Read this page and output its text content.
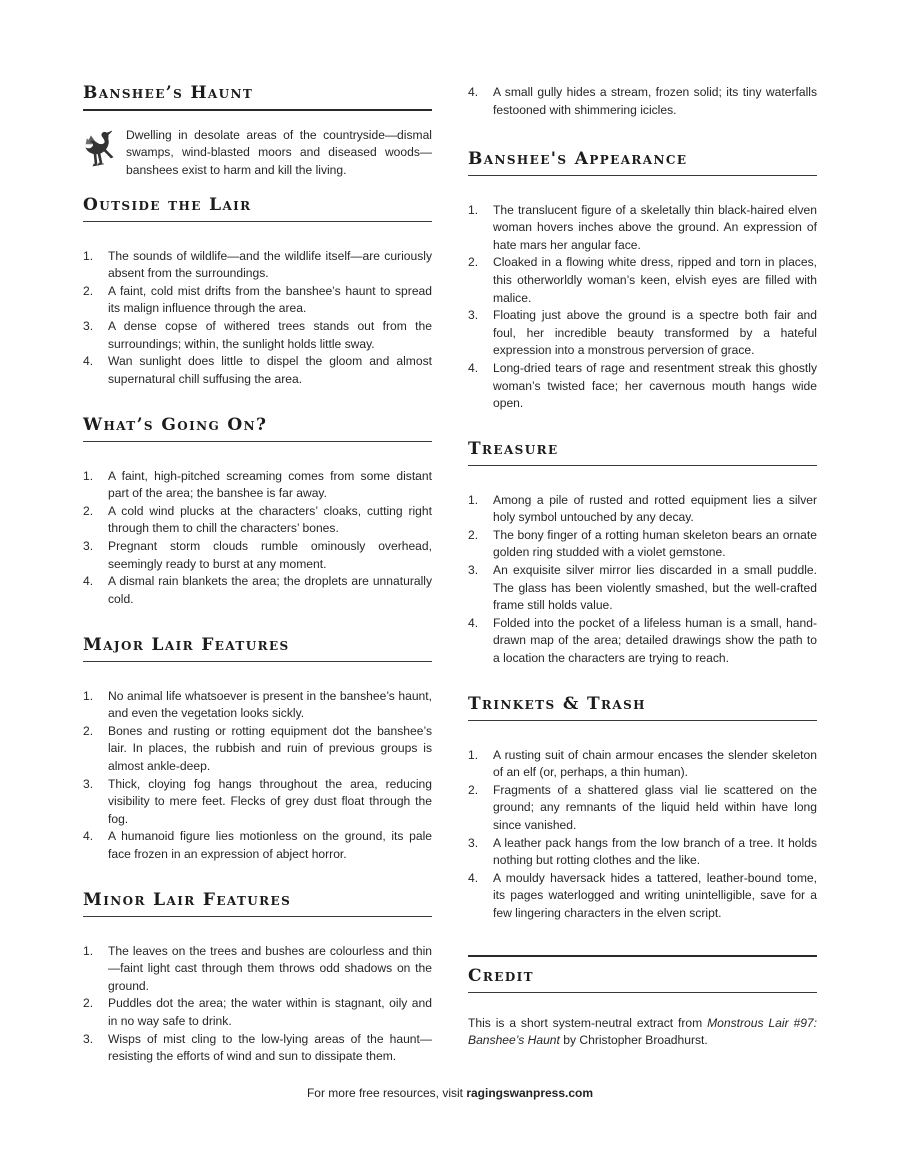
Banshee’s Haunt

Dwelling in desolate areas of the countryside—dismal swamps, wind-blasted moors and diseased woods—banshees exist to harm and kill the living.

Outside the Lair
1. The sounds of wildlife—and the wildlife itself—are curiously absent from the surroundings.
2. A faint, cold mist drifts from the banshee’s haunt to spread its malign influence through the area.
3. A dense copse of withered trees stands out from the surroundings; within, the sunlight holds little sway.
4. Wan sunlight does little to dispel the gloom and almost supernatural chill suffusing the area.
What’s Going On?
1. A faint, high-pitched screaming comes from some distant part of the area; the banshee is far away.
2. A cold wind plucks at the characters’ cloaks, cutting right through them to chill the characters’ bones.
3. Pregnant storm clouds rumble ominously overhead, seemingly ready to burst at any moment.
4. A dismal rain blankets the area; the droplets are unnaturally cold.
Major Lair Features
1. No animal life whatsoever is present in the banshee’s haunt, and even the vegetation looks sickly.
2. Bones and rusting or rotting equipment dot the banshee’s lair. In places, the rubbish and ruin of previous groups is almost ankle-deep.
3. Thick, cloying fog hangs throughout the area, reducing visibility to mere feet. Flecks of grey dust float through the fog.
4. A humanoid figure lies motionless on the ground, its pale face frozen in an expression of abject horror.
Minor Lair Features
1. The leaves on the trees and bushes are colourless and thin—faint light cast through them throws odd shadows on the ground.
2. Puddles dot the area; the water within is stagnant, oily and in no way safe to drink.
3. Wisps of mist cling to the low-lying areas of the haunt—resisting the efforts of wind and sun to dissipate them.
4. A small gully hides a stream, frozen solid; its tiny waterfalls festooned with shimmering icicles.
Banshee's Appearance
1. The translucent figure of a skeletally thin black-haired elven woman hovers inches above the ground. An expression of hate mars her angular face.
2. Cloaked in a flowing white dress, ripped and torn in places, this otherworldly woman’s keen, elvish eyes are filled with malice.
3. Floating just above the ground is a spectre both fair and foul, her incredible beauty transformed by a hateful expression into a monstrous perversion of grace.
4. Long-dried tears of rage and resentment streak this ghostly woman’s twisted face; her cavernous mouth hangs wide open.
Treasure
1. Among a pile of rusted and rotted equipment lies a silver holy symbol untouched by any decay.
2. The bony finger of a rotting human skeleton bears an ornate golden ring studded with a violet gemstone.
3. An exquisite silver mirror lies discarded in a small puddle. The glass has been violently smashed, but the well-crafted frame still holds value.
4. Folded into the pocket of a lifeless human is a small, hand-drawn map of the area; detailed drawings show the path to a location the characters are trying to reach.
Trinkets & Trash
1. A rusting suit of chain armour encases the slender skeleton of an elf (or, perhaps, a thin human).
2. Fragments of a shattered glass vial lie scattered on the ground; any remnants of the liquid held within have long since vanished.
3. A leather pack hangs from the low branch of a tree. It holds nothing but rotting clothes and the like.
4. A mouldy haversack hides a tattered, leather-bound tome, its pages waterlogged and writing unintelligible, save for a few lingering characters in the elven script.
Credit

This is a short system-neutral extract from Monstrous Lair #97: Banshee’s Haunt by Christopher Broadhurst.

For more free resources, visit ragingswanpress.com
